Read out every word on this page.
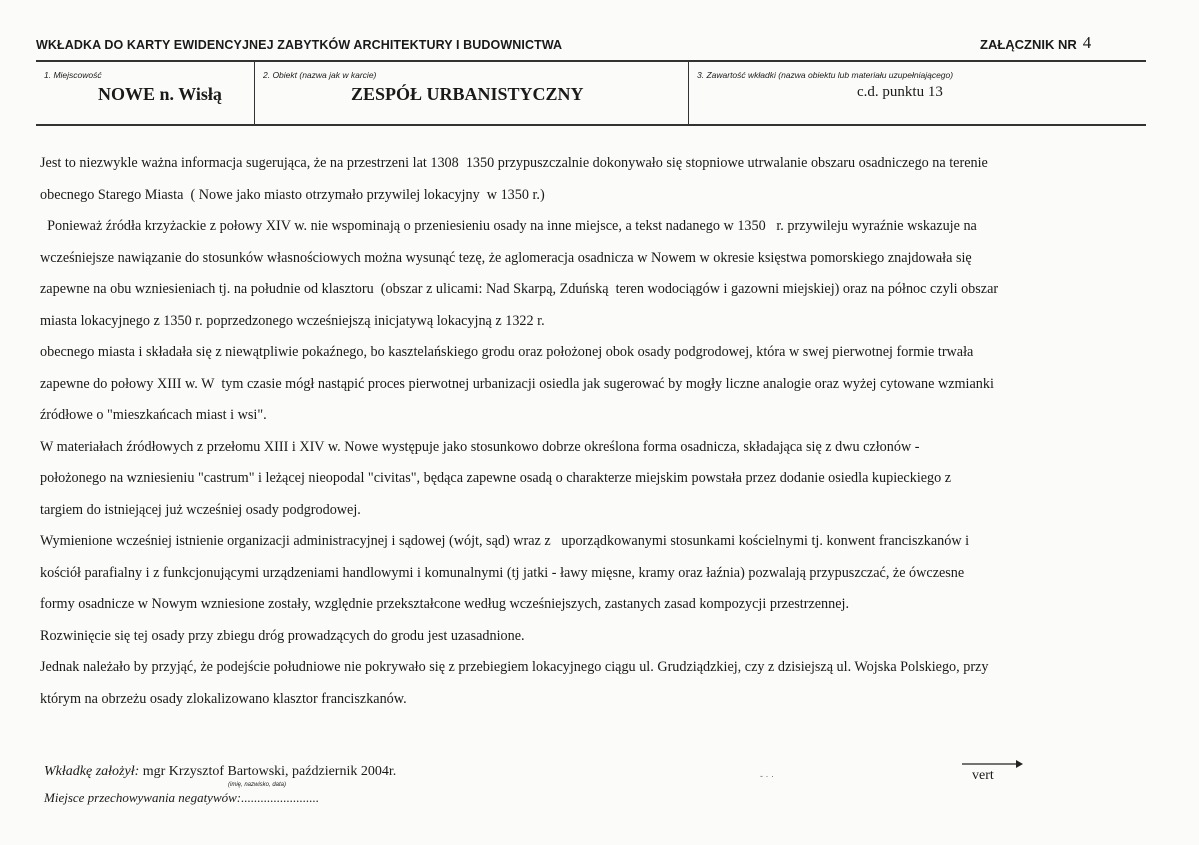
WKŁADKA DO KARTY EWIDENCYJNEJ ZABYTKÓW ARCHITEKTURY I BUDOWNICTWA	ZAŁĄCZNIK NR 4
1. Miejscowość
NOWE n. Wisłą
2. Obiekt (nazwa jak w karcie)
ZESPÓŁ URBANISTYCZNY
3. Zawartość wkładki (nazwa obiektu lub materiału uzupełniającego)
c.d. punktu 13
Jest to niezwykle ważna informacja sugerująca, że na przestrzeni lat 1308  1350 przypuszczalnie dokonywało się stopniowe utrwalanie obszaru osadniczego na terenie
obecnego Starego Miasta  ( Nowe jako miasto otrzymało przywilej lokacyjny  w 1350 r.)
Ponieważ źródła krzyżackie z połowy XIV w. nie wspominają o przeniesieniu osady na inne miejsce, a tekst nadanego w 1350   r. przywileju wyraźnie wskazuje na
wcześniejsze nawiązanie do stosunków własnościowych można wysunąć tezę, że aglomeracja osadnicza w Nowem w okresie księstwa pomorskiego znajdowała się
zapewne na obu wzniesieniach tj. na południe od klasztoru  (obszar z ulicami: Nad Skarpą, Zduńską  teren wodociągów i gazowni miejskiej) oraz na północ czyli obszar
miasta lokacyjnego z 1350 r. poprzedzonego wcześniejszą inicjatywą lokacyjną z 1322 r.
obecnego miasta i składała się z niewątpliwie pokaźnego, bo kasztelańskiego grodu oraz położonej obok osady podgrodowej, która w swej pierwotnej formie trwała
zapewne do połowy XIII w. W  tym czasie mógł nastąpić proces pierwotnej urbanizacji osiedla jak sugerować by mogły liczne analogie oraz wyżej cytowane wzmianki
źródłowe o "mieszkańcach miast i wsi".
W materiałach źródłowych z przełomu XIII i XIV w. Nowe występuje jako stosunkowo dobrze określona forma osadnicza, składająca się z dwu członów -
położonego na wzniesieniu "castrum" i leżącej nieopodal "civitas", będąca zapewne osadą o charakterze miejskim powstała przez dodanie osiedla kupieckiego z
targiem do istniejącej już wcześniej osady podgrodowej.
Wymienione wcześniej istnienie organizacji administracyjnej i sądowej (wójt, sąd) wraz z   uporządkowanymi stosunkami kościelnymi tj. konwent franciszkanów i
kościół parafialny i z funkcjonującymi urządzeniami handlowymi i komunalnymi (tj jatki - ławy mięsne, kramy oraz łaźnia) pozwalają przypuszczać, że ówczesne
formy osadnicze w Nowym wzniesione zostały, względnie przekształcone według wcześniejszych, zastanych zasad kompozycji przestrzennej.
Rozwinięcie się tej osady przy zbiegu dróg prowadzących do grodu jest uzasadnione.
Jednak należało by przyjąć, że podejście południowe nie pokrywało się z przebiegiem lokacyjnego ciągu ul. Grudziądzkiej, czy z dzisiejszą ul. Wojska Polskiego, przy
którym na obrzeżu osady zlokalizowano klasztor franciszkanów.
Wkładkę założył: mgr Krzysztof Bartowski, październik 2004r.
(imię, nazwisko, data)
Miejsce przechowywania negatywów:........................
- · ·	vert
